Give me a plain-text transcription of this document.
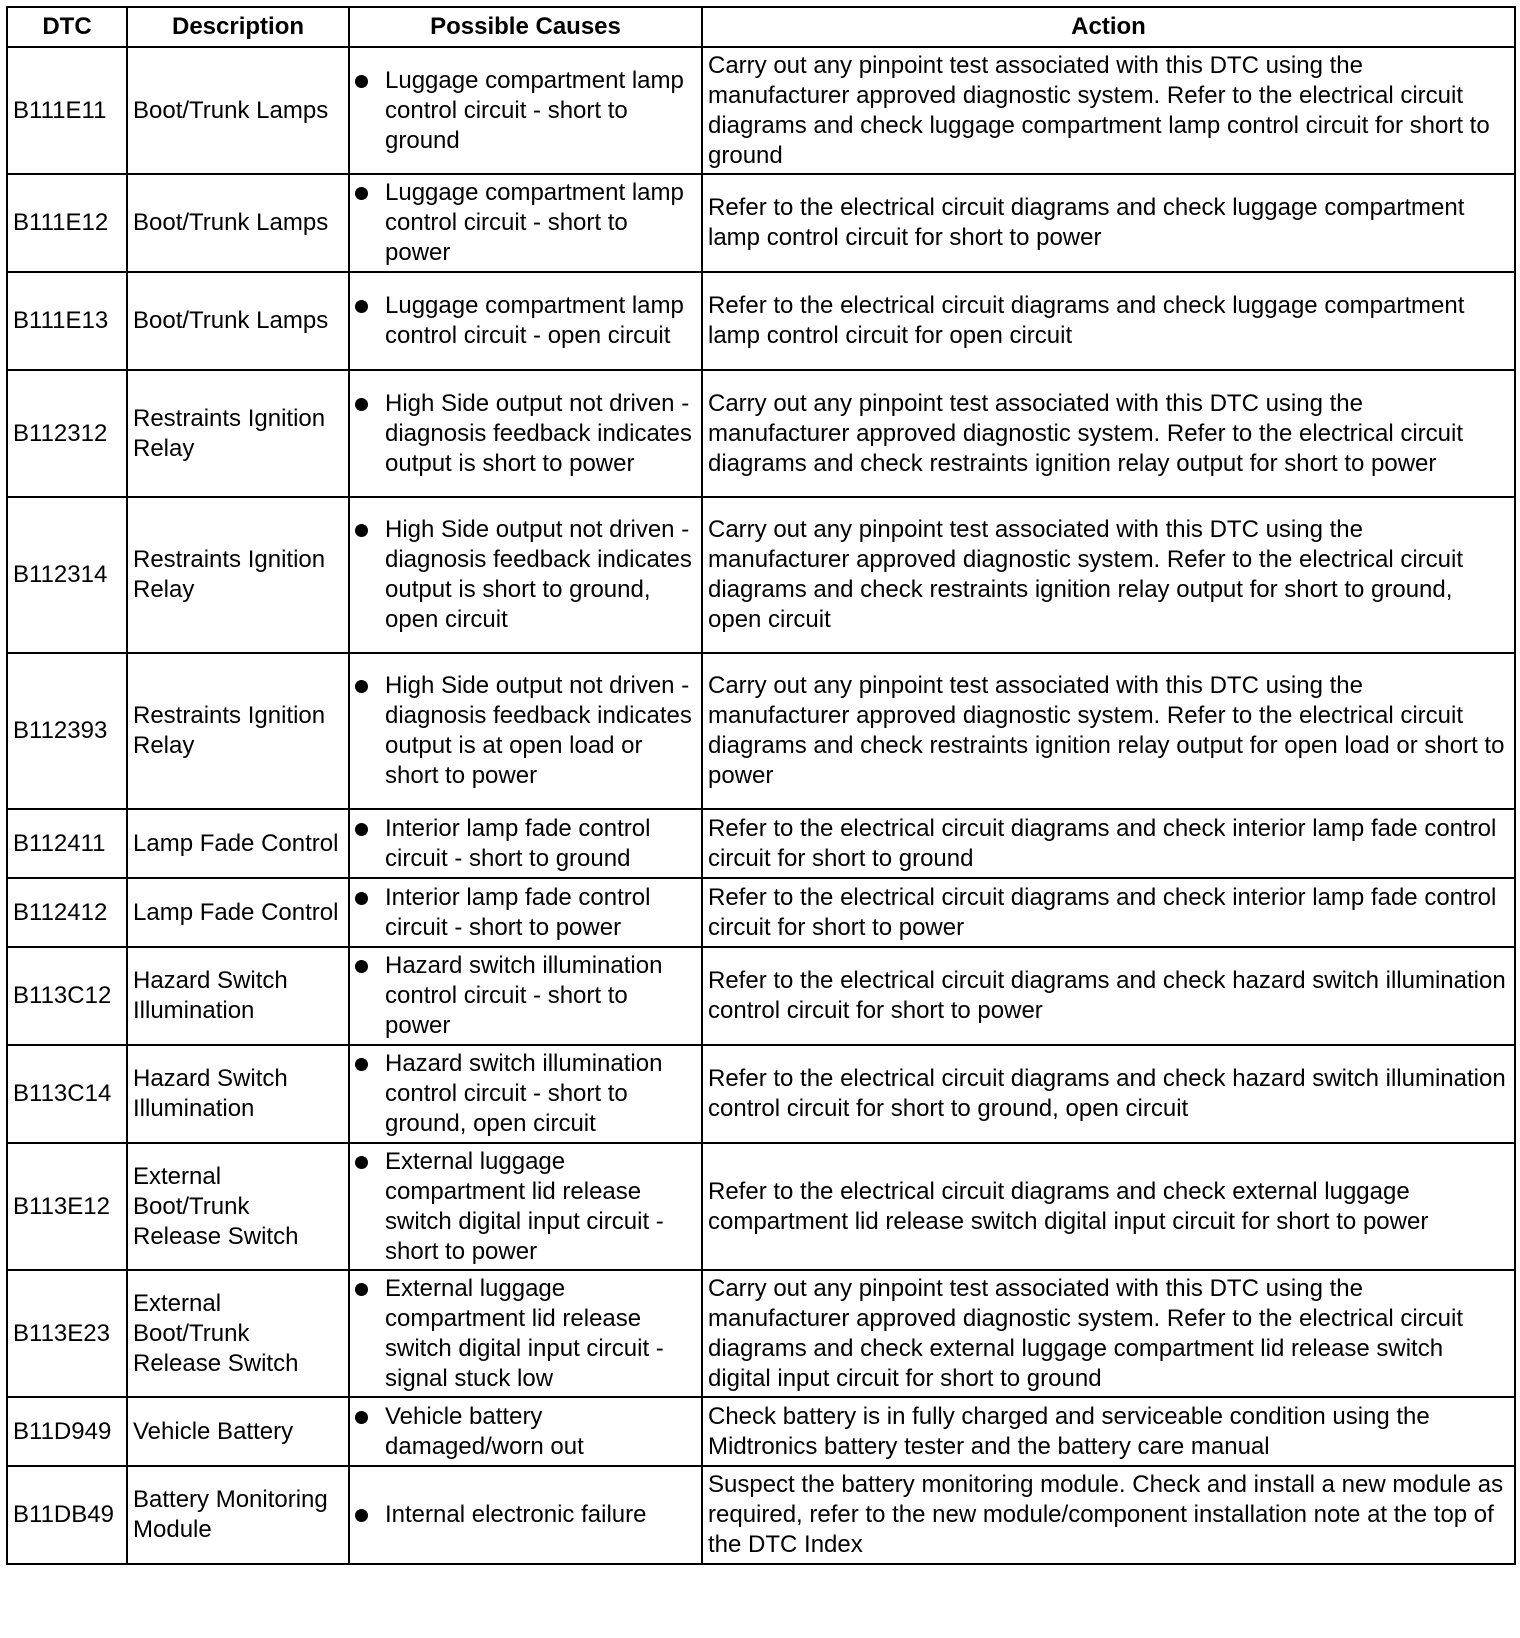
DTC	Description	Possible Causes	Action
B111E11	Boot/Trunk Lamps	Luggage compartment lamp control circuit - short to ground	Carry out any pinpoint test associated with this DTC using the manufacturer approved diagnostic system. Refer to the electrical circuit diagrams and check luggage compartment lamp control circuit for short to ground
B111E12	Boot/Trunk Lamps	Luggage compartment lamp control circuit - short to power	Refer to the electrical circuit diagrams and check luggage compartment lamp control circuit for short to power
B111E13	Boot/Trunk Lamps	Luggage compartment lamp control circuit - open circuit	Refer to the electrical circuit diagrams and check luggage compartment lamp control circuit for open circuit
B112312	Restraints Ignition Relay	High Side output not driven - diagnosis feedback indicates output is short to power	Carry out any pinpoint test associated with this DTC using the manufacturer approved diagnostic system. Refer to the electrical circuit diagrams and check restraints ignition relay output for short to power
B112314	Restraints Ignition Relay	High Side output not driven - diagnosis feedback indicates output is short to ground, open circuit	Carry out any pinpoint test associated with this DTC using the manufacturer approved diagnostic system. Refer to the electrical circuit diagrams and check restraints ignition relay output for short to ground, open circuit
B112393	Restraints Ignition Relay	High Side output not driven - diagnosis feedback indicates output is at open load or short to power	Carry out any pinpoint test associated with this DTC using the manufacturer approved diagnostic system. Refer to the electrical circuit diagrams and check restraints ignition relay output for open load or short to power
B112411	Lamp Fade Control	Interior lamp fade control circuit - short to ground	Refer to the electrical circuit diagrams and check interior lamp fade control circuit for short to ground
B112412	Lamp Fade Control	Interior lamp fade control circuit - short to power	Refer to the electrical circuit diagrams and check interior lamp fade control circuit for short to power
B113C12	Hazard Switch Illumination	Hazard switch illumination control circuit - short to power	Refer to the electrical circuit diagrams and check hazard switch illumination control circuit for short to power
B113C14	Hazard Switch Illumination	Hazard switch illumination control circuit - short to ground, open circuit	Refer to the electrical circuit diagrams and check hazard switch illumination control circuit for short to ground, open circuit
B113E12	External Boot/Trunk Release Switch	External luggage compartment lid release switch digital input circuit - short to power	Refer to the electrical circuit diagrams and check external luggage compartment lid release switch digital input circuit for short to power
B113E23	External Boot/Trunk Release Switch	External luggage compartment lid release switch digital input circuit - signal stuck low	Carry out any pinpoint test associated with this DTC using the manufacturer approved diagnostic system. Refer to the electrical circuit diagrams and check external luggage compartment lid release switch digital input circuit for short to ground
B11D949	Vehicle Battery	Vehicle battery damaged/worn out	Check battery is in fully charged and serviceable condition using the Midtronics battery tester and the battery care manual
B11DB49	Battery Monitoring Module	Internal electronic failure	Suspect the battery monitoring module. Check and install a new module as required, refer to the new module/component installation note at the top of the DTC Index
